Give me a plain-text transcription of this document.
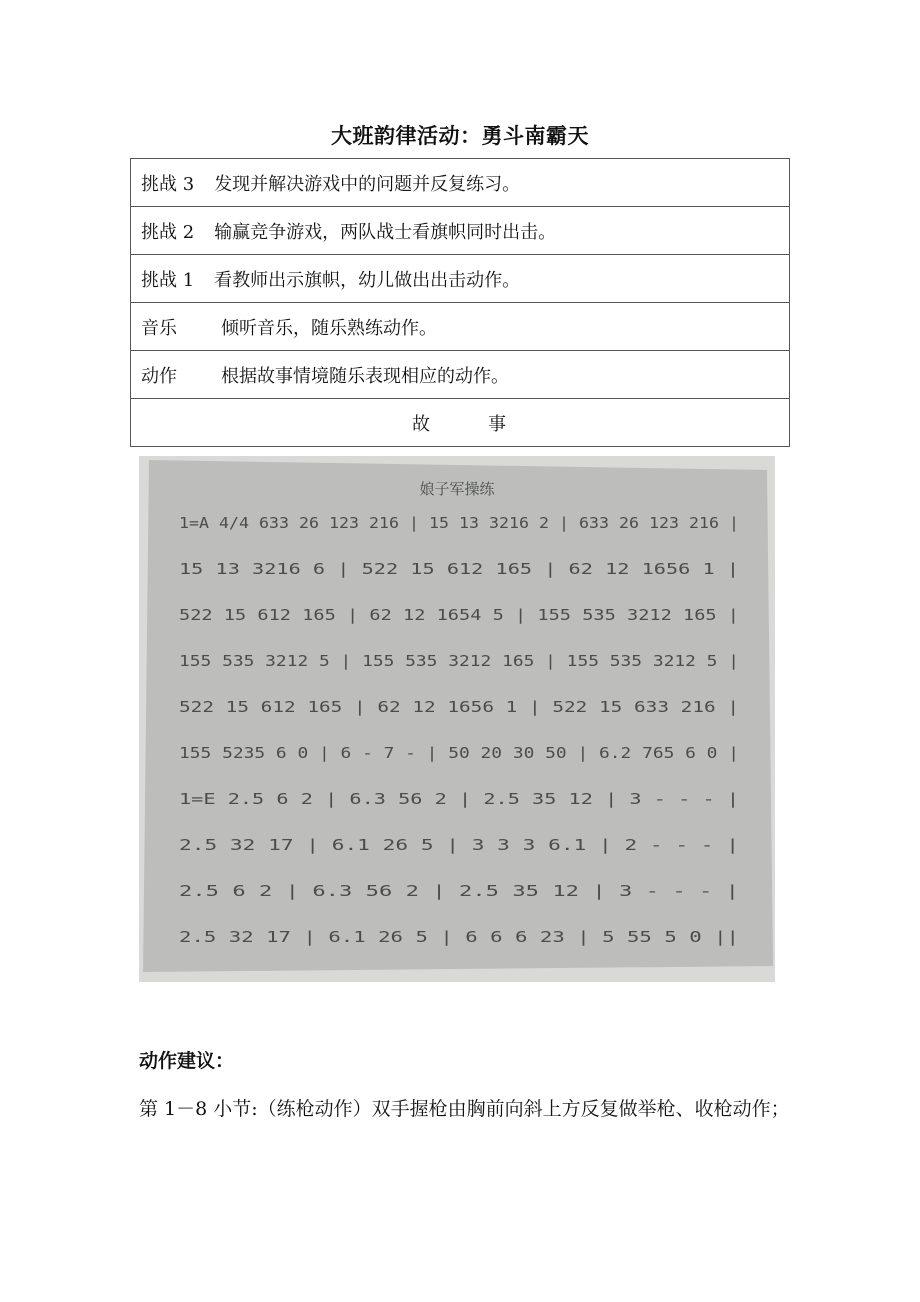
大班韵律活动：勇斗南霸天
挑战 3 发现并解决游戏中的问题并反复练习。
挑战 2 输赢竞争游戏，两队战士看旗帜同时出击。
挑战 1 看教师出示旗帜，幼儿做出出击动作。
音乐 倾听音乐，随乐熟练动作。
动作 根据故事情境随乐表现相应的动作。
故	事
娘子军操练
1=A 4/4 633 26 123 216 | 15 13 3216 2 | 633 26 123 216 |
15 13 3216 6 | 522 15 612 165 | 62 12 1656 1 |
522 15 612 165 | 62 12 1654 5 | 155 535 3212 165 |
155 535 3212 5 | 155 535 3212 165 | 155 535 3212 5 |
522 15 612 165 | 62 12 1656 1 | 522 15 633 216 |
155 5235 6 0 | 6 - 7 - | 50 20 30 50 | 6.2 765 6 0 |
1=E 2.5 6 2 | 6.3 56 2 | 2.5 35 12 | 3 - - - |
2.5 32 17 | 6.1 26 5 | 3 3 3 6.1 | 2 - - - |
2.5 6 2 | 6.3 56 2 | 2.5 35 12 | 3 - - - |
2.5 32 17 | 6.1 26 5 | 6 6 6 23 | 5 55 5 0 ||
动作建议：
第 1－8 小节:（练枪动作）双手握枪由胸前向斜上方反复做举枪、收枪动作；
